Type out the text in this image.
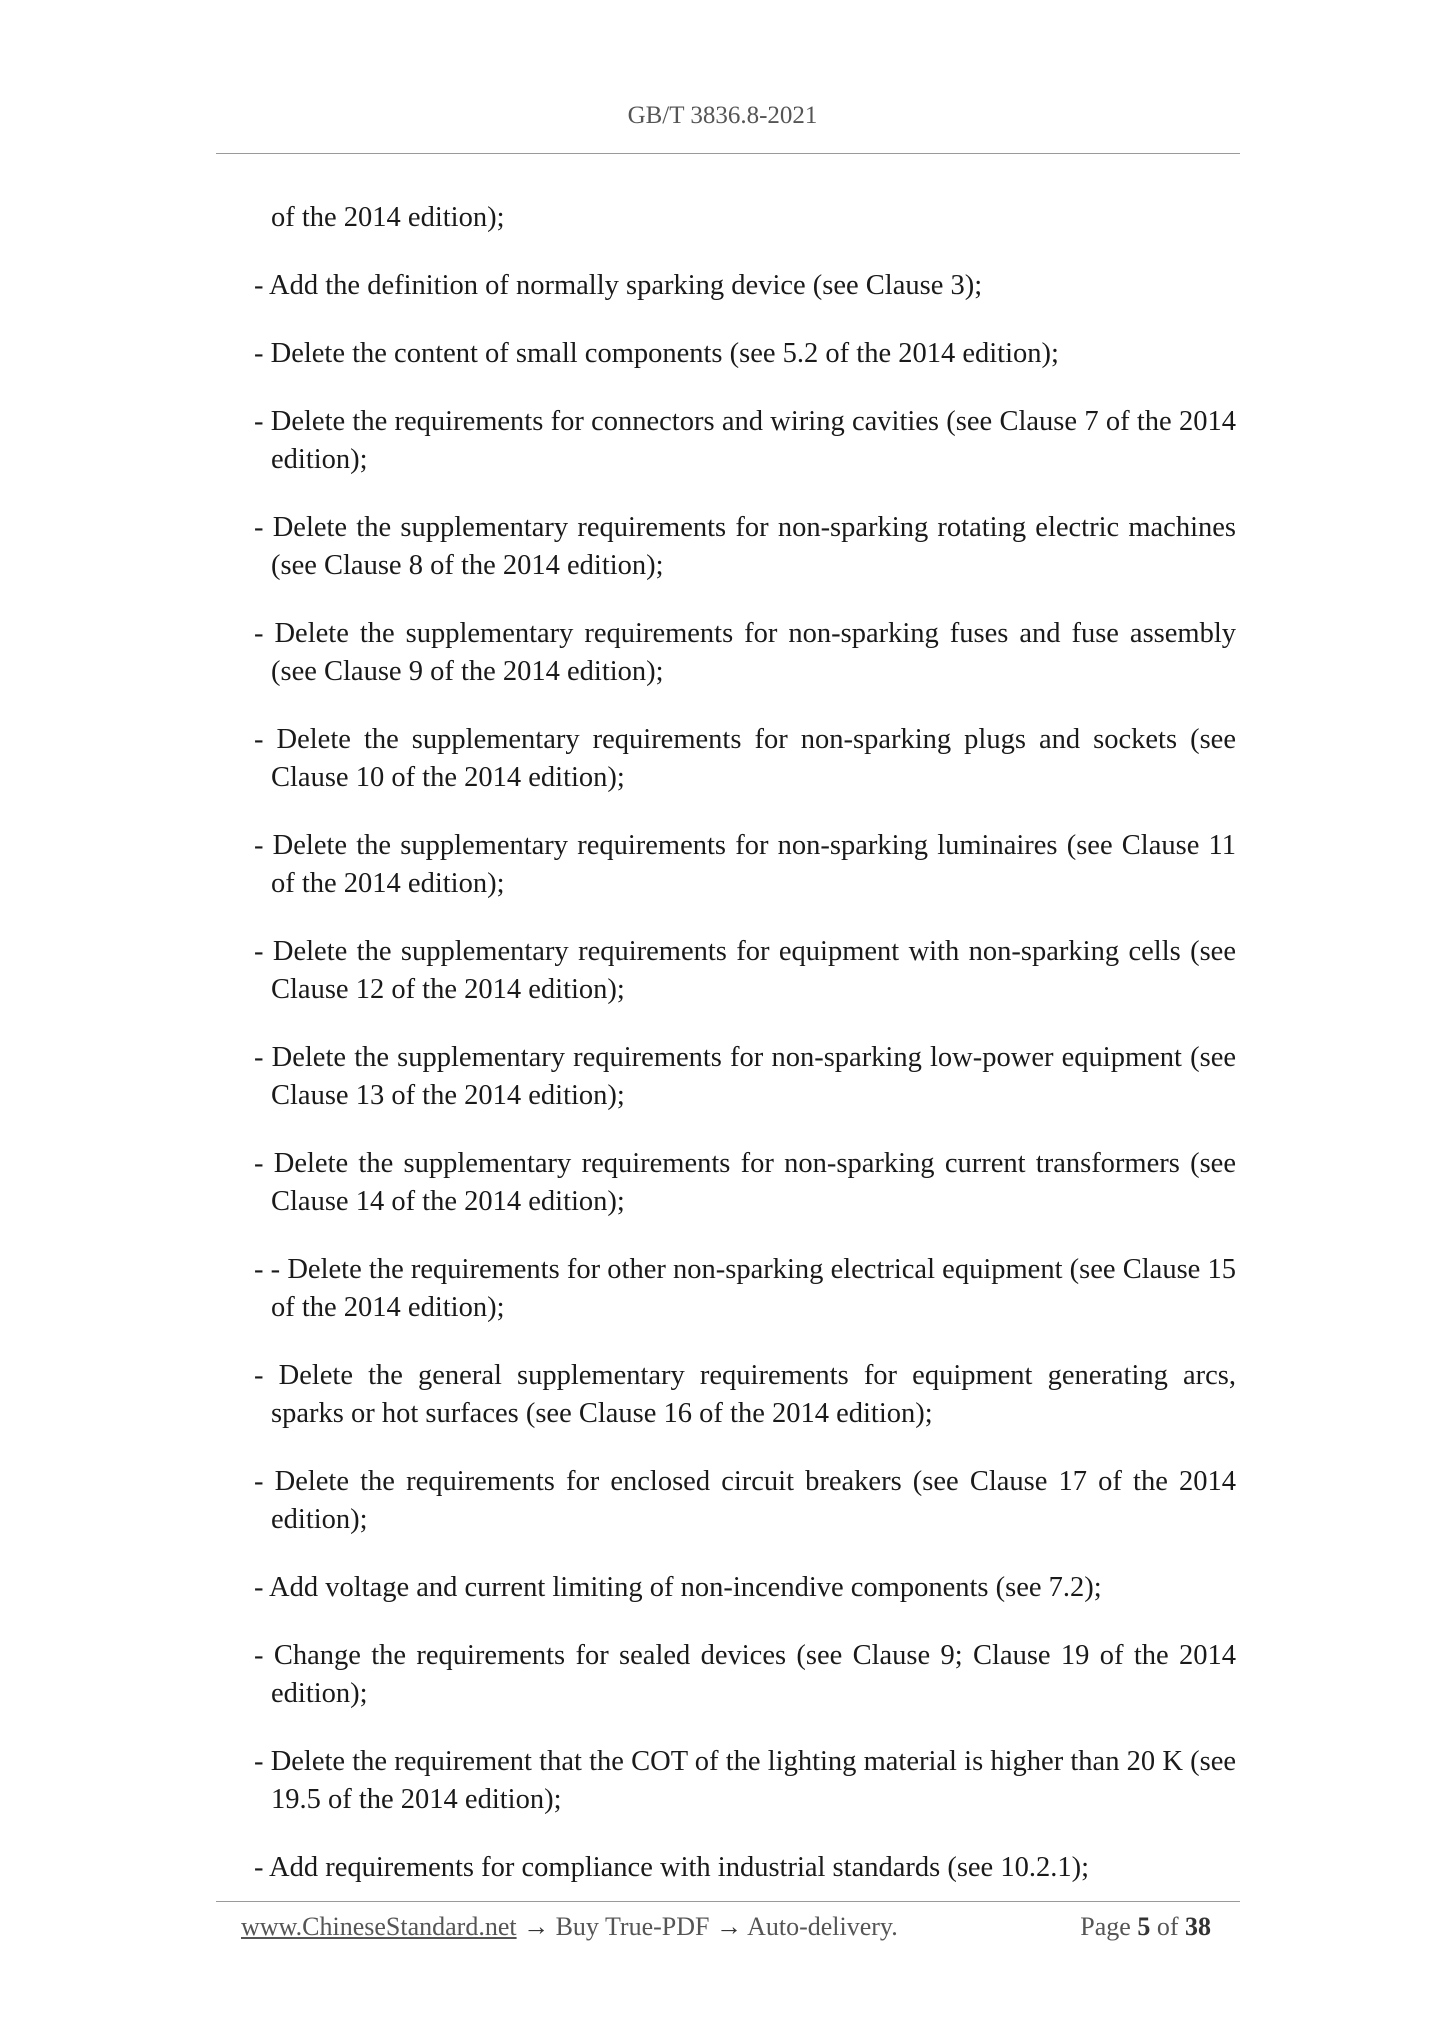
GB/T 3836.8-2021

of the 2014 edition);

- Add the definition of normally sparking device (see Clause 3);

- Delete the content of small components (see 5.2 of the 2014 edition);

- Delete the requirements for connectors and wiring cavities (see Clause 7 of the 2014 edition);

- Delete the supplementary requirements for non-sparking rotating electric machines (see Clause 8 of the 2014 edition);

- Delete the supplementary requirements for non-sparking fuses and fuse assembly (see Clause 9 of the 2014 edition);

- Delete the supplementary requirements for non-sparking plugs and sockets (see Clause 10 of the 2014 edition);

- Delete the supplementary requirements for non-sparking luminaires (see Clause 11 of the 2014 edition);

- Delete the supplementary requirements for equipment with non-sparking cells (see Clause 12 of the 2014 edition);

- Delete the supplementary requirements for non-sparking low-power equipment (see Clause 13 of the 2014 edition);

- Delete the supplementary requirements for non-sparking current transformers (see Clause 14 of the 2014 edition);

- - Delete the requirements for other non-sparking electrical equipment (see Clause 15 of the 2014 edition);

- Delete the general supplementary requirements for equipment generating arcs, sparks or hot surfaces (see Clause 16 of the 2014 edition);

- Delete the requirements for enclosed circuit breakers (see Clause 17 of the 2014 edition);

- Add voltage and current limiting of non-incendive components (see 7.2);

- Change the requirements for sealed devices (see Clause 9; Clause 19 of the 2014 edition);

- Delete the requirement that the COT of the lighting material is higher than 20 K (see 19.5 of the 2014 edition);

- Add requirements for compliance with industrial standards (see 10.2.1);

www.ChineseStandard.net → Buy True-PDF → Auto-delivery.	Page 5 of 38
